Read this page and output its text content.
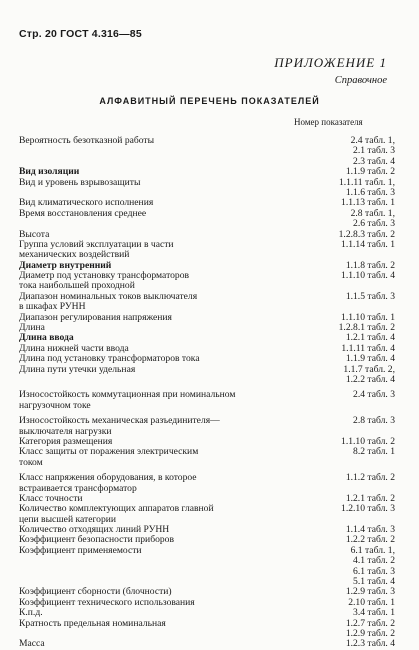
Стр. 20 ГОСТ 4.316—85
ПРИЛОЖЕНИЕ 1
Справочное
АЛФАВИТНЫЙ ПЕРЕЧЕНЬ ПОКАЗАТЕЛЕЙ
Номер показателя
Вероятность безотказной работы	2.4 табл. 1,
2.1 табл. 3
2.3 табл. 4
Вид изоляции	1.1.9 табл. 2
Вид и уровень взрывозащиты	1.1.11 табл. 1,
1.1.6 табл. 3
Вид климатического исполнения	1.1.13 табл. 1
Время восстановления среднее	2.8 табл. 1,
2.6 табл. 3
Высота	1.2.8.3 табл. 2
Группа условий эксплуатации в части	1.1.14 табл. 1
механических воздействий
Диаметр внутренний	1.1.8 табл. 2
Диаметр под установку трансформаторов	1.1.10 табл. 4
тока наибольшей проходной
Диапазон номинальных токов выключателя	1.1.5 табл. 3
в шкафах РУНН
Диапазон регулирования напряжения	1.1.10 табл. 1
Длина	1.2.8.1 табл. 2
Длина ввода	1.2.1 табл. 4
Длина нижней части ввода	1.1.11 табл. 4
Длина под установку трансформаторов тока	1.1.9 табл. 4
Длина пути утечки удельная	1.1.7 табл. 2,
1.2.2 табл. 4
Износостойкость коммутационная при номинальном	2.4 табл. 3
нагрузочном токе
Износостойкость механическая разъединителя—	2.8 табл. 3
выключателя нагрузки
Категория размещения	1.1.10 табл. 2
Класс защиты от поражения электрическим	8.2 табл. 1
током
Класс напряжения оборудования, в которое	1.1.2 табл. 2
встраивается трансформатор
Класс точности	1.2.1 табл. 2
Количество комплектующих аппаратов главной	1.2.10 табл. 3
цепи высшей категории
Количество отходящих линий РУНН	1.1.4 табл. 3
Коэффициент безопасности приборов	1.2.2 табл. 2
Коэффициент применяемости	6.1 табл. 1,
4.1 табл. 2
6.1 табл. 3
5.1 табл. 4
Коэффициент сборности (блочности)	1.2.9 табл. 3
Коэффициент технического использования	2.10 табл. 1
К.п.д.	3.4 табл. 1
Кратность предельная номинальная	1.2.7 табл. 2
1.2.9 табл. 2
Масса	1.2.3 табл. 4
